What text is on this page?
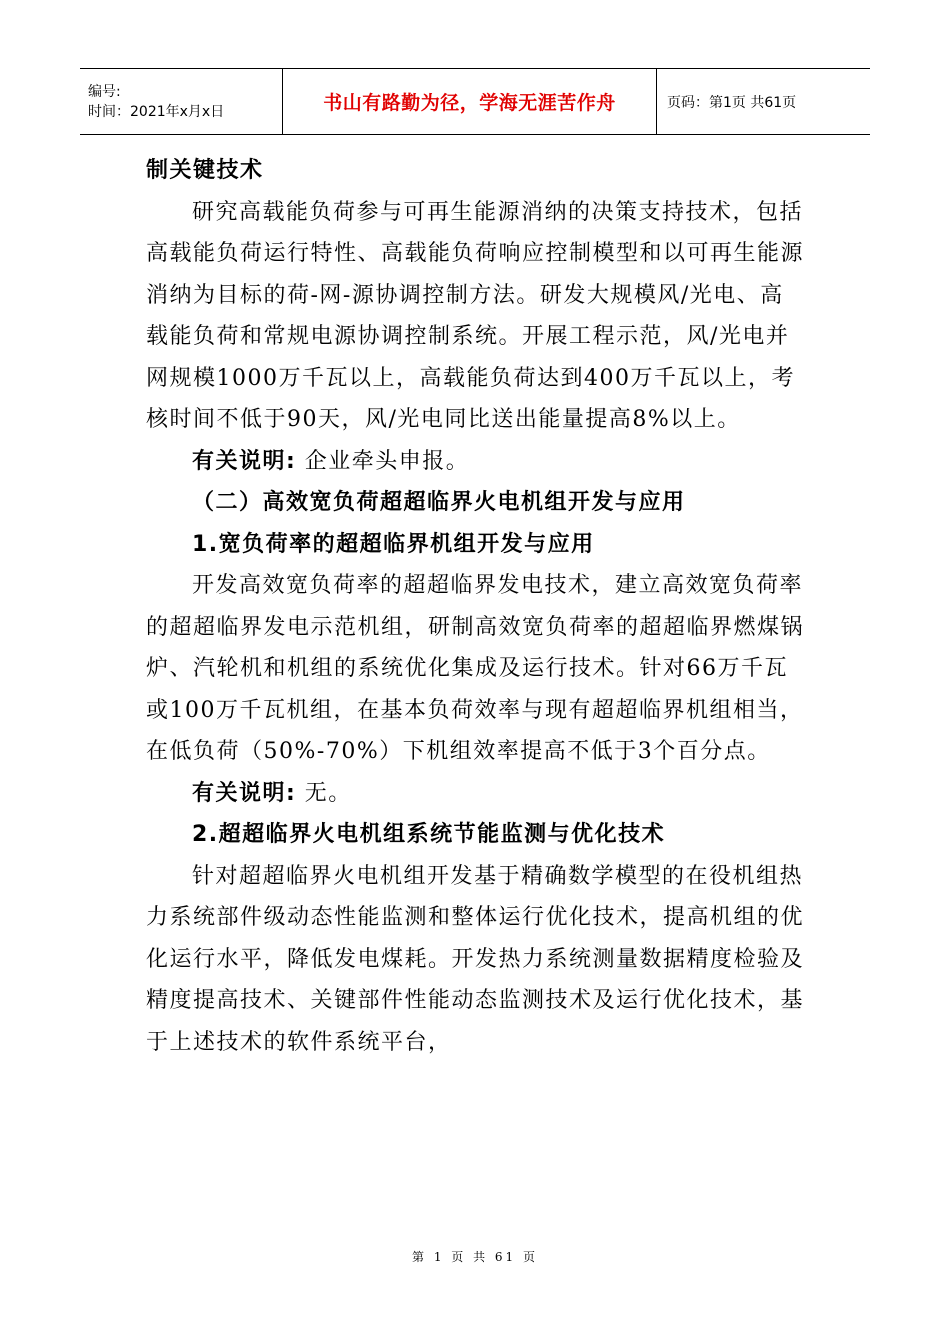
编号:
时间：2021年x月x日	书山有路勤为径，学海无涯苦作舟	页码：第1页 共61页

制关键技术

研究高载能负荷参与可再生能源消纳的决策支持技术，包括高载能负荷运行特性、高载能负荷响应控制模型和以可再生能源消纳为目标的荷-网-源协调控制方法。研发大规模风/光电、高载能负荷和常规电源协调控制系统。开展工程示范，风/光电并网规模1000万千瓦以上，高载能负荷达到400万千瓦以上，考核时间不低于90天，风/光电同比送出能量提高8%以上。

有关说明: 企业牵头申报。

（二）高效宽负荷超超临界火电机组开发与应用

1.宽负荷率的超超临界机组开发与应用

开发高效宽负荷率的超超临界发电技术，建立高效宽负荷率的超超临界发电示范机组，研制高效宽负荷率的超超临界燃煤锅炉、汽轮机和机组的系统优化集成及运行技术。针对66万千瓦或100万千瓦机组，在基本负荷效率与现有超超临界机组相当，在低负荷（50%-70%）下机组效率提高不低于3个百分点。

有关说明: 无。

2.超超临界火电机组系统节能监测与优化技术

针对超超临界火电机组开发基于精确数学模型的在役机组热力系统部件级动态性能监测和整体运行优化技术，提高机组的优化运行水平，降低发电煤耗。开发热力系统测量数据精度检验及精度提高技术、关键部件性能动态监测技术及运行优化技术，基于上述技术的软件系统平台，

第 1 页 共 61 页
